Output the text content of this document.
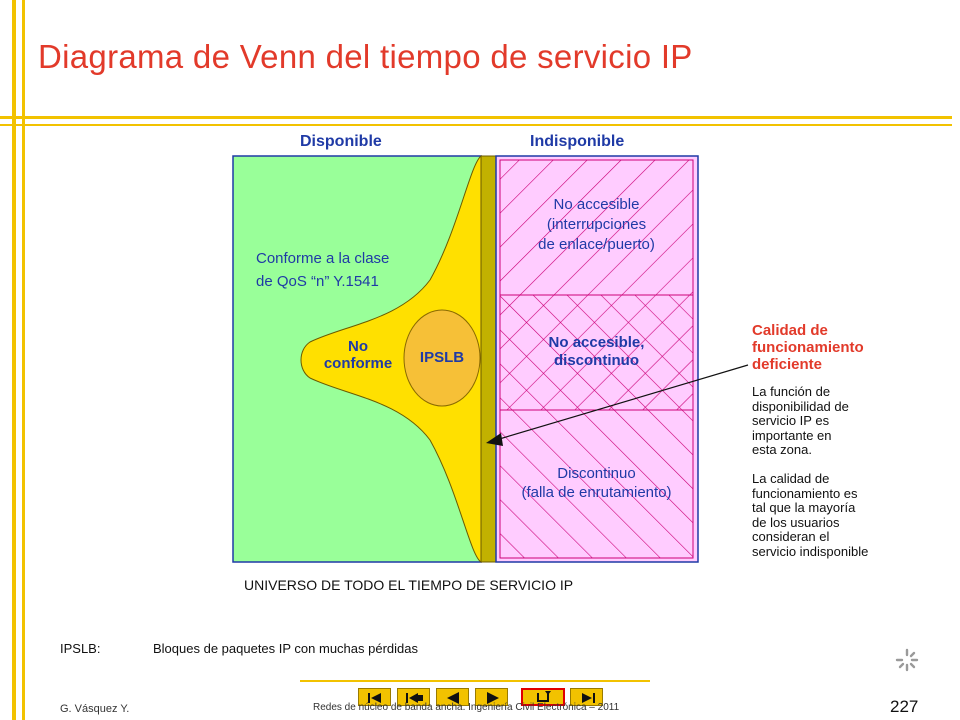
Diagrama de Venn del tiempo de servicio IP
Disponible	Indisponible
Conforme a la clase
de QoS “n” Y.1541
No
conforme	IPSLB
No accesible
(interrupciones
de enlace/puerto)
No accesible,
discontinuo
Discontinuo
(falla de enrutamiento)
UNIVERSO DE TODO EL TIEMPO DE SERVICIO IP
Calidad de
funcionamiento
deficiente
La función de
disponibilidad de
servicio IP es
importante en
esta zona.
La calidad de
funcionamiento es
tal que la mayoría
de los usuarios
consideran el
servicio indisponible
IPSLB:	Bloques de paquetes IP con muchas pérdidas
G. Vásquez Y.	Redes de núcleo de banda ancha. Ingeniería Civil Electrónica – 2011	227
